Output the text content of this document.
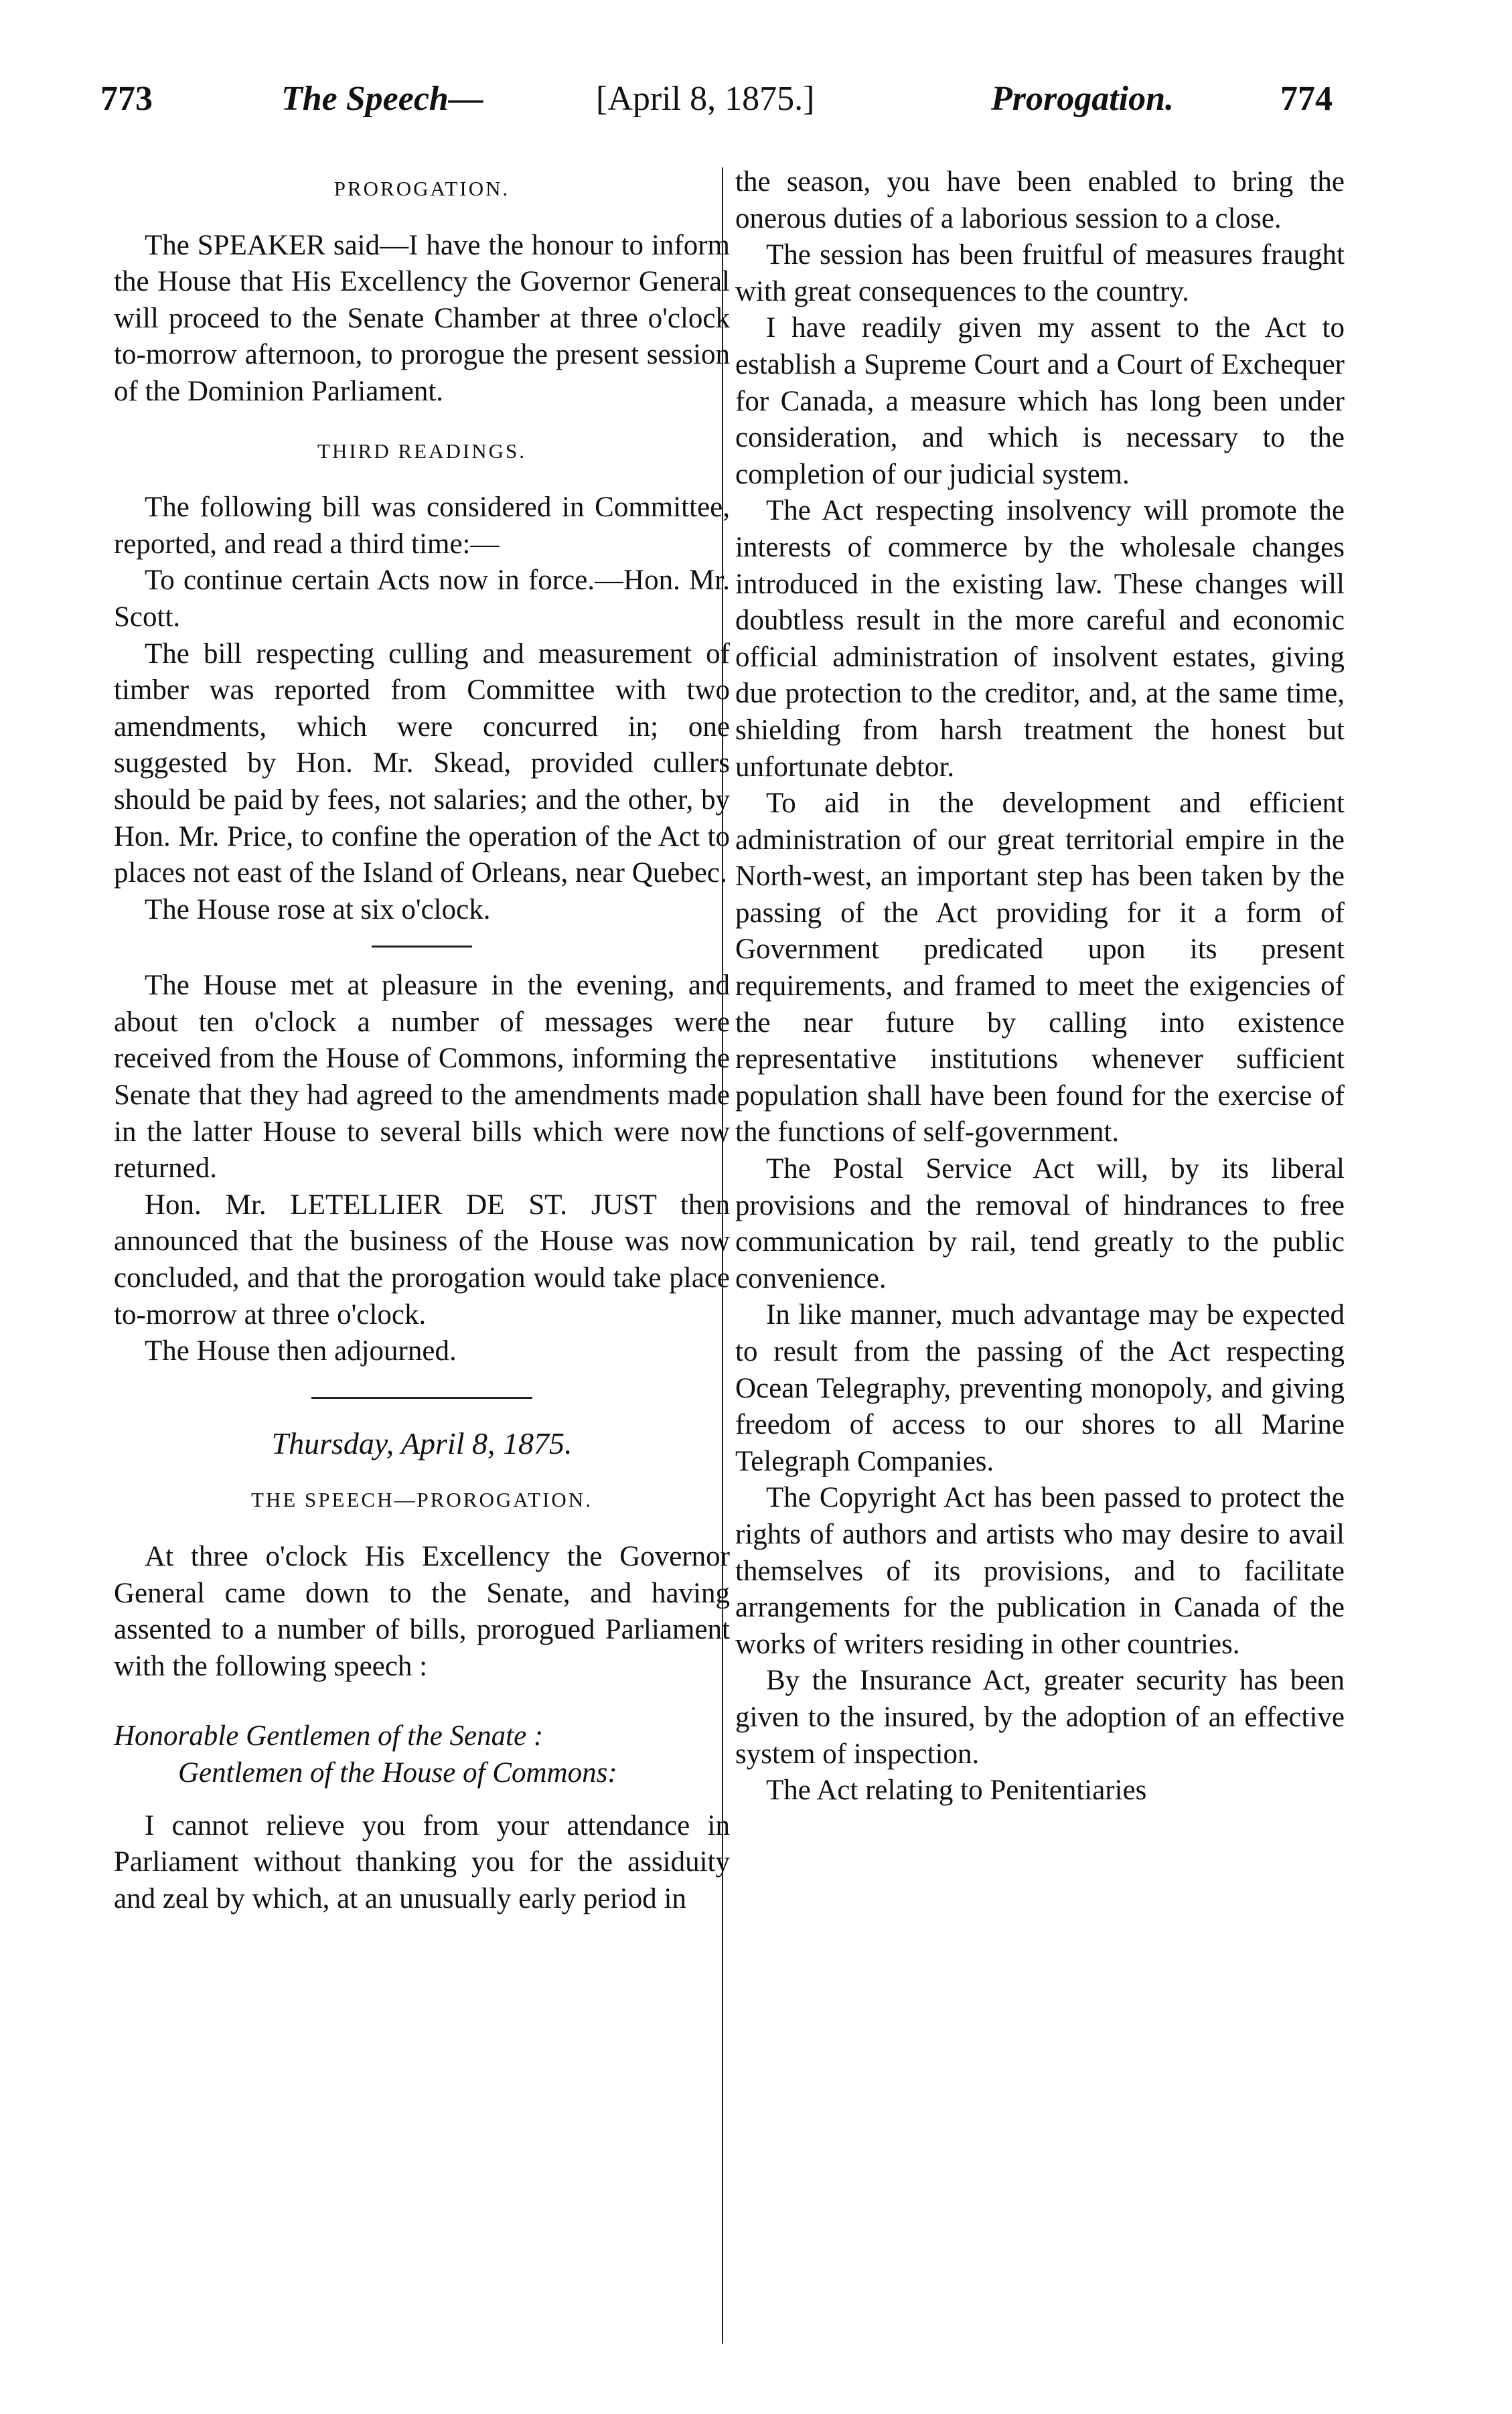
773	The Speech—	[April 8, 1875.]	Prorogation.	774
PROROGATION.

The SPEAKER said—I have the honour to inform the House that His Excellency the Governor General will proceed to the Senate Chamber at three o'clock to-morrow afternoon, to prorogue the present session of the Dominion Parliament.

THIRD READINGS.

The following bill was considered in Committee, reported, and read a third time:—

To continue certain Acts now in force.—Hon. Mr. Scott.

The bill respecting culling and measurement of timber was reported from Committee with two amendments, which were concurred in; one suggested by Hon. Mr. Skead, provided cullers should be paid by fees, not salaries; and the other, by Hon. Mr. Price, to confine the operation of the Act to places not east of the Island of Orleans, near Quebec.

The House rose at six o'clock.

The House met at pleasure in the evening, and about ten o'clock a number of messages were received from the House of Commons, informing the Senate that they had agreed to the amendments made in the latter House to several bills which were now returned.

Hon. Mr. LETELLIER DE ST. JUST then announced that the business of the House was now concluded, and that the prorogation would take place to-morrow at three o'clock.

The House then adjourned.

Thursday, April 8, 1875.
THE SPEECH—PROROGATION.

At three o'clock His Excellency the Governor General came down to the Senate, and having assented to a number of bills, prorogued Parliament with the following speech :

Honorable Gentlemen of the Senate :

Gentlemen of the House of Commons:

I cannot relieve you from your attendance in Parliament without thanking you for the assiduity and zeal by which, at an unusually early period in

the season, you have been enabled to bring the onerous duties of a laborious session to a close.

The session has been fruitful of measures fraught with great consequences to the country.

I have readily given my assent to the Act to establish a Supreme Court and a Court of Exchequer for Canada, a measure which has long been under consideration, and which is necessary to the completion of our judicial system.

The Act respecting insolvency will promote the interests of commerce by the wholesale changes introduced in the existing law. These changes will doubtless result in the more careful and economic official administration of insolvent estates, giving due protection to the creditor, and, at the same time, shielding from harsh treatment the honest but unfortunate debtor.

To aid in the development and efficient administration of our great territorial empire in the North-west, an important step has been taken by the passing of the Act providing for it a form of Government predicated upon its present requirements, and framed to meet the exigencies of the near future by calling into existence representative institutions whenever sufficient population shall have been found for the exercise of the functions of self-government.

The Postal Service Act will, by its liberal provisions and the removal of hindrances to free communication by rail, tend greatly to the public convenience.

In like manner, much advantage may be expected to result from the passing of the Act respecting Ocean Telegraphy, preventing monopoly, and giving freedom of access to our shores to all Marine Telegraph Companies.

The Copyright Act has been passed to protect the rights of authors and artists who may desire to avail themselves of its provisions, and to facilitate arrangements for the publication in Canada of the works of writers residing in other countries.

By the Insurance Act, greater security has been given to the insured, by the adoption of an effective system of inspection.

The Act relating to Penitentiaries
